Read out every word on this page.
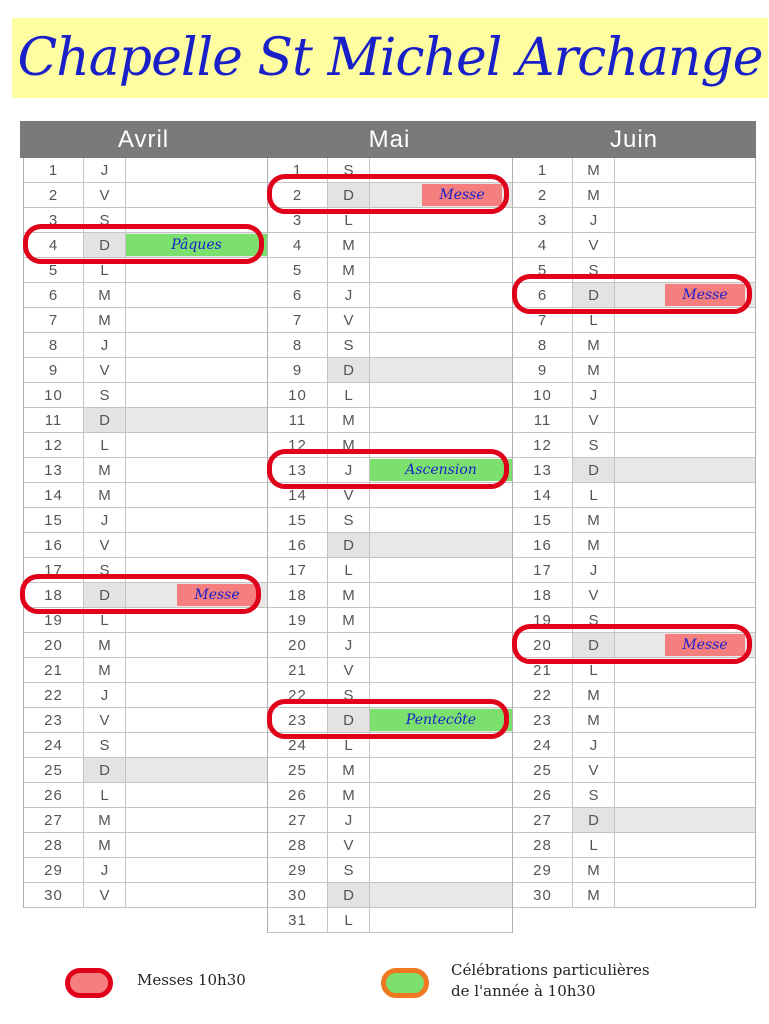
Chapelle St Michel Archange
Avril
1	J
2	V
3	S
4	D	Pâques
5	L
6	M
7	M
8	J
9	V
10	S
11	D
12	L
13	M
14	M
15	J
16	V
17	S
18	D	Messe
19	L
20	M
21	M
22	J
23	V
24	S
25	D
26	L
27	M
28	M
29	J
30	V
Mai
1	S
2	D	Messe
3	L
4	M
5	M
6	J
7	V
8	S
9	D
10	L
11	M
12	M
13	J	Ascension
14	V
15	S
16	D
17	L
18	M
19	M
20	J
21	V
22	S
23	D	Pentecôte
24	L
25	M
26	M
27	J
28	V
29	S
30	D
31	L
Juin
1	M
2	M
3	J
4	V
5	S
6	D	Messe
7	L
8	M
9	M
10	J
11	V
12	S
13	D
14	L
15	M
16	M
17	J
18	V
19	S
20	D	Messe
21	L
22	M
23	M
24	J
25	V
26	S
27	D
28	L
29	M
30	M
Messes 10h30
Célébrations particulières
de l'année à 10h30
